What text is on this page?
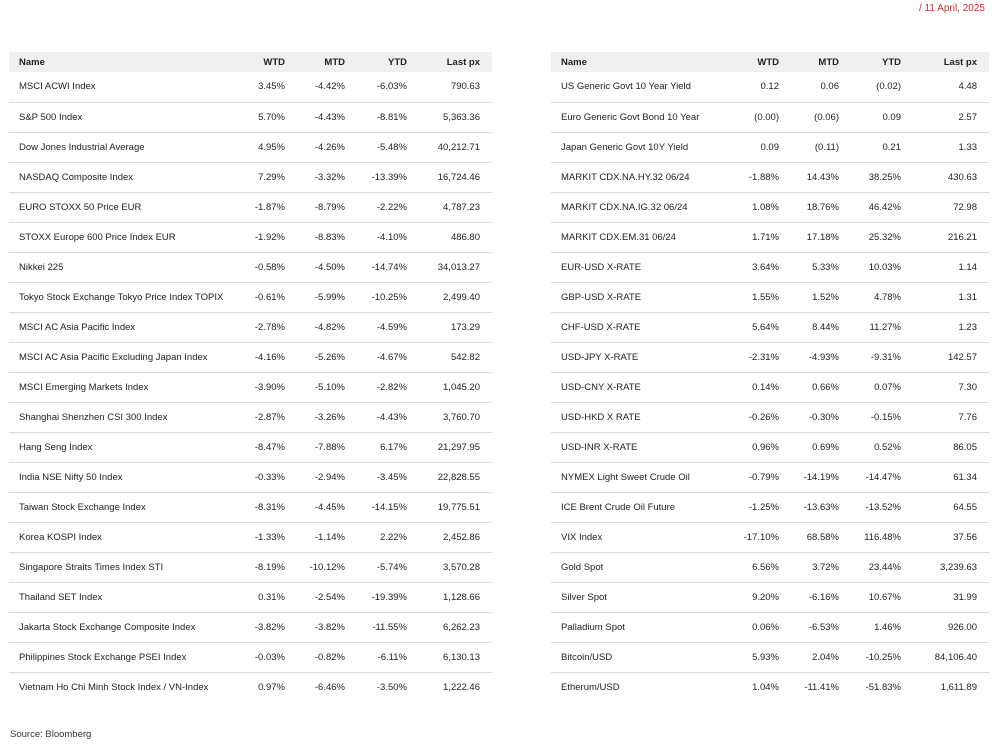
/ 11 April, 2025
Name	WTD	MTD	YTD	Last px
MSCI ACWI Index	3.45%	-4.42%	-6.03%	790.63
S&P 500 Index	5.70%	-4.43%	-8.81%	5,363.36
Dow Jones Industrial Average	4.95%	-4.26%	-5.48%	40,212.71
NASDAQ Composite Index	7.29%	-3.32%	-13.39%	16,724.46
EURO STOXX 50 Price EUR	-1.87%	-8.79%	-2.22%	4,787.23
STOXX Europe 600 Price Index EUR	-1.92%	-8.83%	-4.10%	486.80
Nikkei 225	-0.58%	-4.50%	-14.74%	34,013.27
Tokyo Stock Exchange Tokyo Price Index TOPIX	-0.61%	-5.99%	-10.25%	2,499.40
MSCI AC Asia Pacific Index	-2.78%	-4.82%	-4.59%	173.29
MSCI AC Asia Pacific Excluding Japan Index	-4.16%	-5.26%	-4.67%	542.82
MSCI Emerging Markets Index	-3.90%	-5.10%	-2.82%	1,045.20
Shanghai Shenzhen CSI 300 Index	-2.87%	-3.26%	-4.43%	3,760.70
Hang Seng Index	-8.47%	-7.88%	6.17%	21,297.95
India NSE Nifty 50 Index	-0.33%	-2.94%	-3.45%	22,828.55
Taiwan Stock Exchange Index	-8.31%	-4.45%	-14.15%	19,775.51
Korea KOSPI Index	-1.33%	-1.14%	2.22%	2,452.86
Singapore Straits Times Index STI	-8.19%	-10.12%	-5.74%	3,570.28
Thailand SET Index	0.31%	-2.54%	-19.39%	1,128.66
Jakarta Stock Exchange Composite Index	-3.82%	-3.82%	-11.55%	6,262.23
Philippines Stock Exchange PSEI Index	-0.03%	-0.82%	-6.11%	6,130.13
Vietnam Ho Chi Minh Stock Index / VN-Index	0.97%	-6.46%	-3.50%	1,222.46
Name	WTD	MTD	YTD	Last px
US Generic Govt 10 Year Yield	0.12	0.06	(0.02)	4.48
Euro Generic Govt Bond 10 Year	(0.00)	(0.06)	0.09	2.57
Japan Generic Govt 10Y Yield	0.09	(0.11)	0.21	1.33
MARKIT CDX.NA.HY.32 06/24	-1.88%	14.43%	38.25%	430.63
MARKIT CDX.NA.IG.32 06/24	1.08%	18.76%	46.42%	72.98
MARKIT CDX.EM.31 06/24	1.71%	17.18%	25.32%	216.21
EUR-USD X-RATE	3.64%	5.33%	10.03%	1.14
GBP-USD X-RATE	1.55%	1.52%	4.78%	1.31
CHF-USD X-RATE	5.64%	8.44%	11.27%	1.23
USD-JPY X-RATE	-2.31%	-4.93%	-9.31%	142.57
USD-CNY X-RATE	0.14%	0.66%	0.07%	7.30
USD-HKD X RATE	-0.26%	-0.30%	-0.15%	7.76
USD-INR X-RATE	0.96%	0.69%	0.52%	86.05
NYMEX Light Sweet Crude Oil	-0.79%	-14.19%	-14.47%	61.34
ICE Brent Crude Oil Future	-1.25%	-13.63%	-13.52%	64.55
VIX Index	-17.10%	68.58%	116.48%	37.56
Gold Spot	6.56%	3.72%	23.44%	3,239.63
Silver Spot	9.20%	-6.16%	10.67%	31.99
Palladium Spot	0.06%	-6.53%	1.46%	926.00
Bitcoin/USD	5.93%	2.04%	-10.25%	84,106.40
Etherum/USD	1.04%	-11.41%	-51.83%	1,611.89
Source: Bloomberg
